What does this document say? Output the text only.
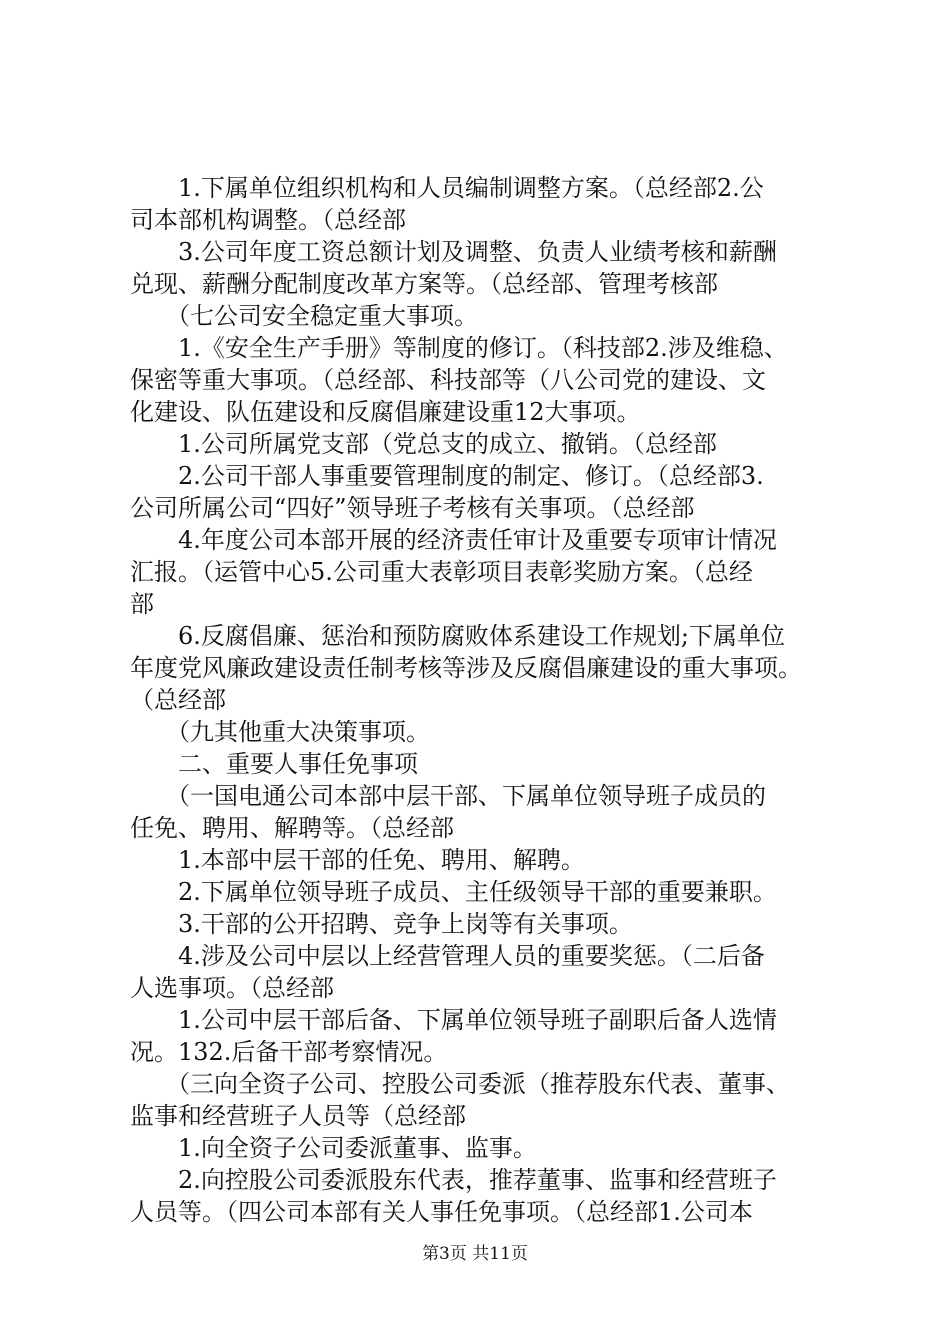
　　1.下属单位组织机构和人员编制调整方案。（总经部2.公
司本部机构调整。（总经部
　　3.公司年度工资总额计划及调整、负责人业绩考核和薪酬
兑现、薪酬分配制度改革方案等。（总经部、管理考核部
　　（七公司安全稳定重大事项。
　　1.《安全生产手册》等制度的修订。（科技部2.涉及维稳、
保密等重大事项。（总经部、科技部等（八公司党的建设、文
化建设、队伍建设和反腐倡廉建设重12大事项。
　　1.公司所属党支部（党总支的成立、撤销。（总经部
　　2.公司干部人事重要管理制度的制定、修订。（总经部3.
公司所属公司“四好”领导班子考核有关事项。（总经部
　　4.年度公司本部开展的经济责任审计及重要专项审计情况
汇报。（运管中心5.公司重大表彰项目表彰奖励方案。（总经
部
　　6.反腐倡廉、惩治和预防腐败体系建设工作规划;下属单位
年度党风廉政建设责任制考核等涉及反腐倡廉建设的重大事项。
（总经部
　　（九其他重大决策事项。
　　二、重要人事任免事项
　　（一国电通公司本部中层干部、下属单位领导班子成员的
任免、聘用、解聘等。（总经部
　　1.本部中层干部的任免、聘用、解聘。
　　2.下属单位领导班子成员、主任级领导干部的重要兼职。
　　3.干部的公开招聘、竞争上岗等有关事项。
　　4.涉及公司中层以上经营管理人员的重要奖惩。（二后备
人选事项。（总经部
　　1.公司中层干部后备、下属单位领导班子副职后备人选情
况。132.后备干部考察情况。
　　（三向全资子公司、控股公司委派（推荐股东代表、董事、
监事和经营班子人员等（总经部
　　1.向全资子公司委派董事、监事。
　　2.向控股公司委派股东代表，推荐董事、监事和经营班子
人员等。（四公司本部有关人事任免事项。（总经部1.公司本
第3页 共11页
